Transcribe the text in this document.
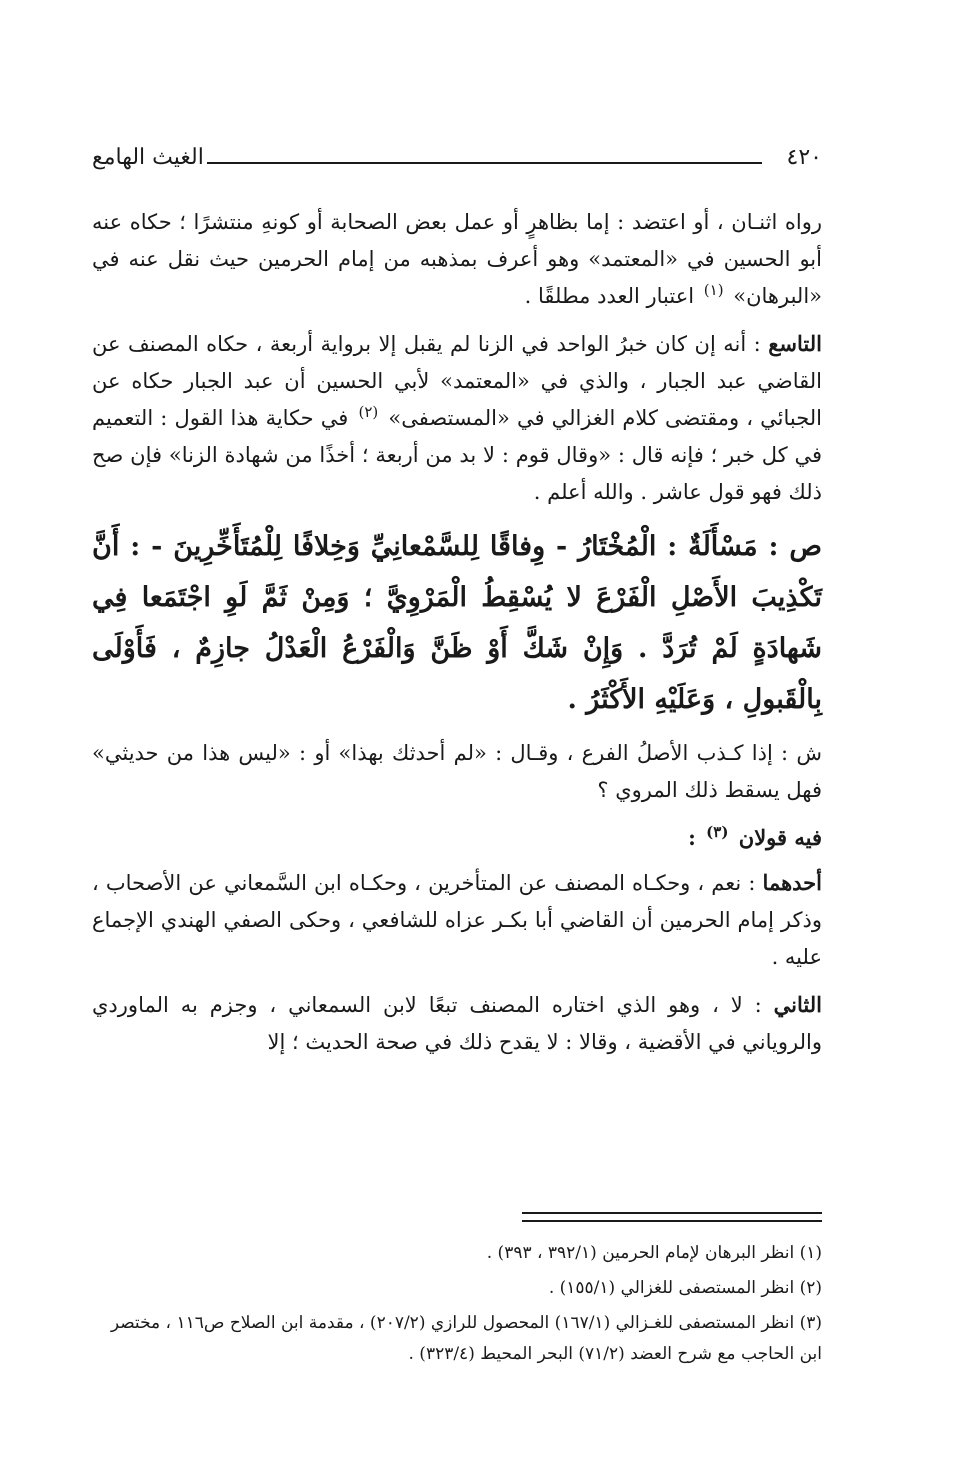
٤٢٠
الغيث الهامع

رواه اثنـان ، أو اعتضد : إما بظاهرٍ أو عمل بعض الصحابة أو كونهِ منتشرًا ؛ حكاه عنه أبو الحسين في «المعتمد» وهو أعرف بمذهبه من إمام الحرمين حيث نقل عنه في «البرهان» $^{(١)}$ اعتبار العدد مطلقًا .

التاسع : أنه إن كان خبرُ الواحد في الزنا لم يقبل إلا برواية أربعة ، حكاه المصنف عن القاضي عبد الجبار ، والذي في «المعتمد» لأبي الحسين أن عبد الجبار حكاه عن الجبائي ، ومقتضى كلام الغزالي في «المستصفى» $^{(٢)}$ في حكاية هذا القول : التعميم في كل خبر ؛ فإنه قال : «وقال قوم : لا بد من أربعة ؛ أخذًا من شهادة الزنا» فإن صح ذلك فهو قول عاشر . والله أعلم .

ص : مَسْأَلَةٌ : الْمُخْتَارُ - وِفاقًا لِلسَّمْعانِيِّ وَخِلافًا لِلْمُتَأَخِّرِينَ - : أَنَّ تَكْذِيبَ الأَصْلِ الْفَرْعَ لا يُسْقِطُ الْمَرْوِيَّ ؛ وَمِنْ ثَمَّ لَوِ اجْتَمَعا فِي شَهادَةٍ لَمْ تُرَدَّ . وَإِنْ شَكَّ أَوْ ظَنَّ وَالْفَرْعُ الْعَدْلُ جازِمٌ ، فَأَوْلَى بِالْقَبولِ ، وَعَلَيْهِ الأَكْثَرُ .

ش : إذا كـذب الأصلُ الفرع ، وقـال : «لم أحدثك بهذا» أو : «ليس هذا من حديثي» فهل يسقط ذلك المروي ؟

فيه قولان $^{(٣)}$ :

أحدهما : نعم ، وحكـاه المصنف عن المتأخرين ، وحكـاه ابن السَّمعاني عن الأصحاب ، وذكر إمام الحرمين أن القاضي أبا بكـر عزاه للشافعي ، وحكى الصفي الهندي الإجماع عليه .

الثاني : لا ، وهو الذي اختاره المصنف تبعًا لابن السمعاني ، وجزم به الماوردي والروياني في الأقضية ، وقالا : لا يقدح ذلك في صحة الحديث ؛ إلا

(١) انظر البرهان لإمام الحرمين (٣٩٢/١ ، ٣٩٣) .

(٢) انظر المستصفى للغزالي (١٥٥/١) .

(٣) انظر المستصفى للغـزالي (١٦٧/١) المحصول للرازي (٢٠٧/٢) ، مقدمة ابن الصلاح ص١١٦ ، مختصر ابن الحاجب مع شرح العضد (٧١/٢) البحر المحيط (٣٢٣/٤) .
